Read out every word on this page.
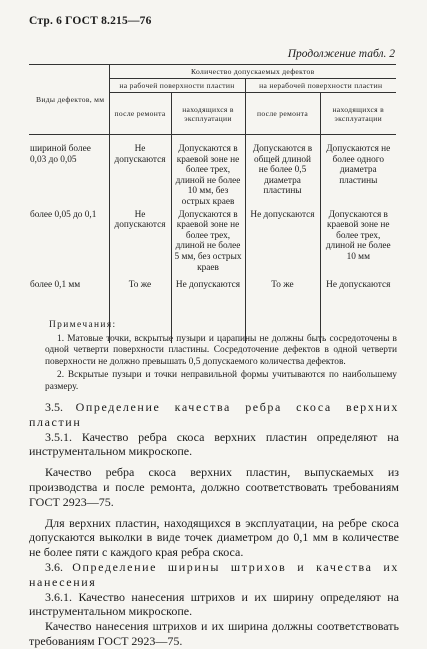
Стр. 6 ГОСТ 8.215—76
Продолжение табл. 2
Виды дефектов, мм	Количество допускаемых дефектов			
	на рабочей поверхности пластин		на нерабочей поверхности пластин	
	после ремонта	находящихся в эксплуатации	после ремонта	находящихся в эксплуатации
шириной более 0,03 до 0,05	Не допускаются	Допускаются в краевой зоне не более трех, длиной не более 10 мм, без острых краев	Допускаются в общей длиной не более 0,5 диаметра пластины	Допускаются не более одного диаметра пластины
более 0,05 до 0,1	Не допускаются	Допускаются в краевой зоне не более трех, длиной не более 5 мм, без острых краев	Не допускаются	Допускаются в краевой зоне не более трех, длиной не более 10 мм
более 0,1 мм	То же	Не допускаются	То же	Не допускаются
Примечания:

1. Матовые точки, вскрытые пузыри и царапины не должны быть сосредоточены в одной четверти поверхности пластины. Сосредоточение дефектов в одной четверти поверхности не должно превышать 0,5 допускаемого количества дефектов.

2. Вскрытые пузыри и точки неправильной формы учитываются по наибольшему размеру.

3.5. Определение качества ребра скоса верхних пластин

3.5.1. Качество ребра скоса верхних пластин определяют на инструментальном микроскопе.

Качество ребра скоса верхних пластин, выпускаемых из производства и после ремонта, должно соответствовать требованиям ГОСТ 2923—75.

Для верхних пластин, находящихся в эксплуатации, на ребре скоса допускаются выколки в виде точек диаметром до 0,1 мм в количестве не более пяти с каждого края ребра скоса.

3.6. Определение ширины штрихов и качества их нанесения

3.6.1. Качество нанесения штрихов и их ширину определяют на инструментальном микроскопе.

Качество нанесения штрихов и их ширина должны соответствовать требованиям ГОСТ 2923—75.
